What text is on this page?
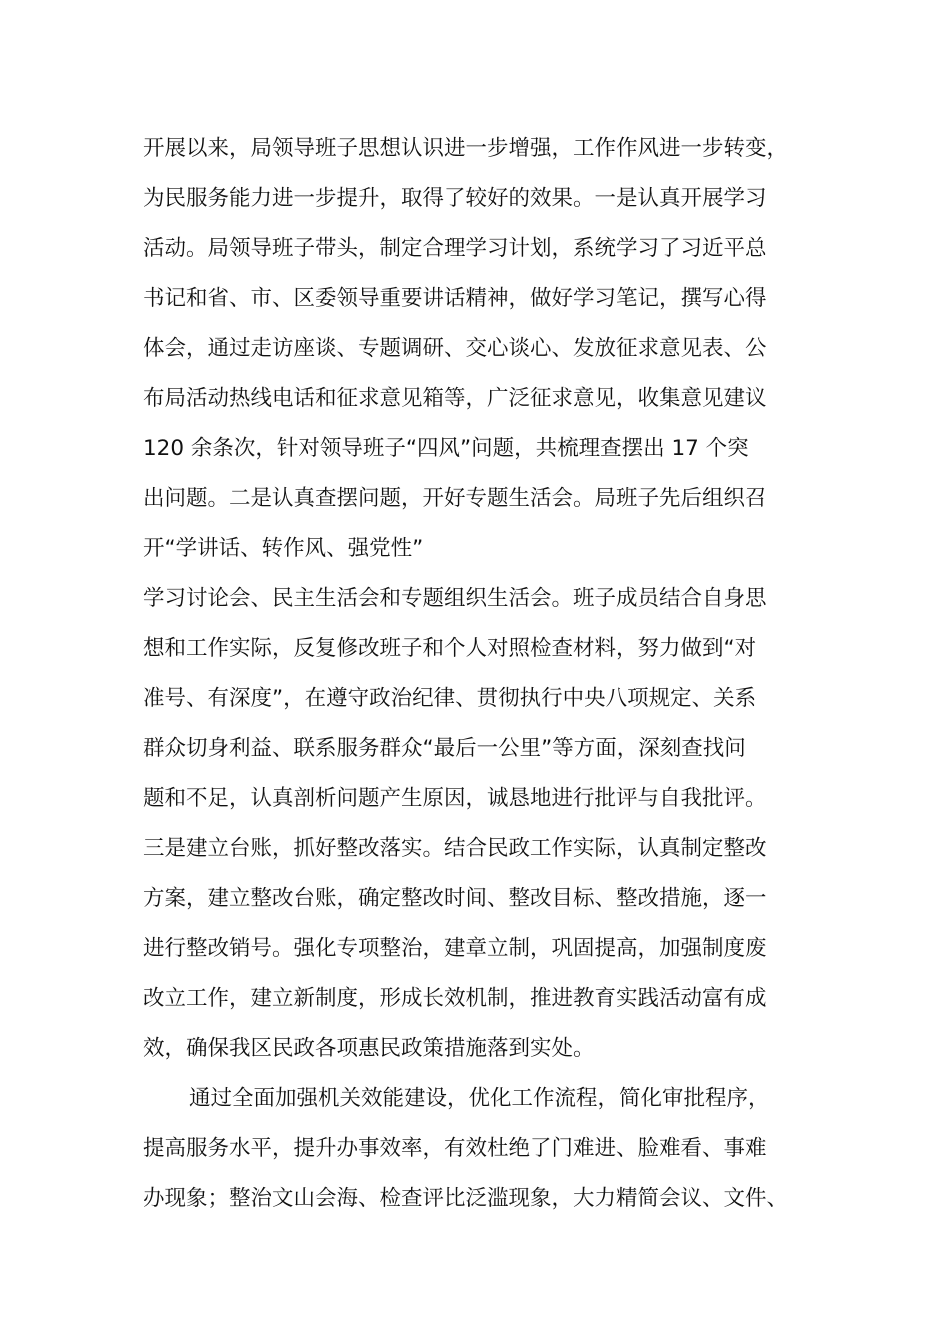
开展以来，局领导班子思想认识进一步增强，工作作风进一步转变，
为民服务能力进一步提升，取得了较好的效果。一是认真开展学习
活动。局领导班子带头，制定合理学习计划，系统学习了习近平总
书记和省、市、区委领导重要讲话精神，做好学习笔记，撰写心得
体会，通过走访座谈、专题调研、交心谈心、发放征求意见表、公
布局活动热线电话和征求意见箱等，广泛征求意见，收集意见建议
120 余条次，针对领导班子“四风”问题，共梳理查摆出 17 个突
出问题。二是认真查摆问题，开好专题生活会。局班子先后组织召
开“学讲话、转作风、强党性”
学习讨论会、民主生活会和专题组织生活会。班子成员结合自身思
想和工作实际，反复修改班子和个人对照检查材料，努力做到“对
准号、有深度”，在遵守政治纪律、贯彻执行中央八项规定、关系
群众切身利益、联系服务群众“最后一公里”等方面，深刻查找问
题和不足，认真剖析问题产生原因，诚恳地进行批评与自我批评。
三是建立台账，抓好整改落实。结合民政工作实际，认真制定整改
方案，建立整改台账，确定整改时间、整改目标、整改措施，逐一
进行整改销号。强化专项整治，建章立制，巩固提高，加强制度废
改立工作，建立新制度，形成长效机制，推进教育实践活动富有成
效，确保我区民政各项惠民政策措施落到实处。
通过全面加强机关效能建设，优化工作流程，简化审批程序，
提高服务水平，提升办事效率，有效杜绝了门难进、脸难看、事难
办现象；整治文山会海、检查评比泛滥现象，大力精简会议、文件、
